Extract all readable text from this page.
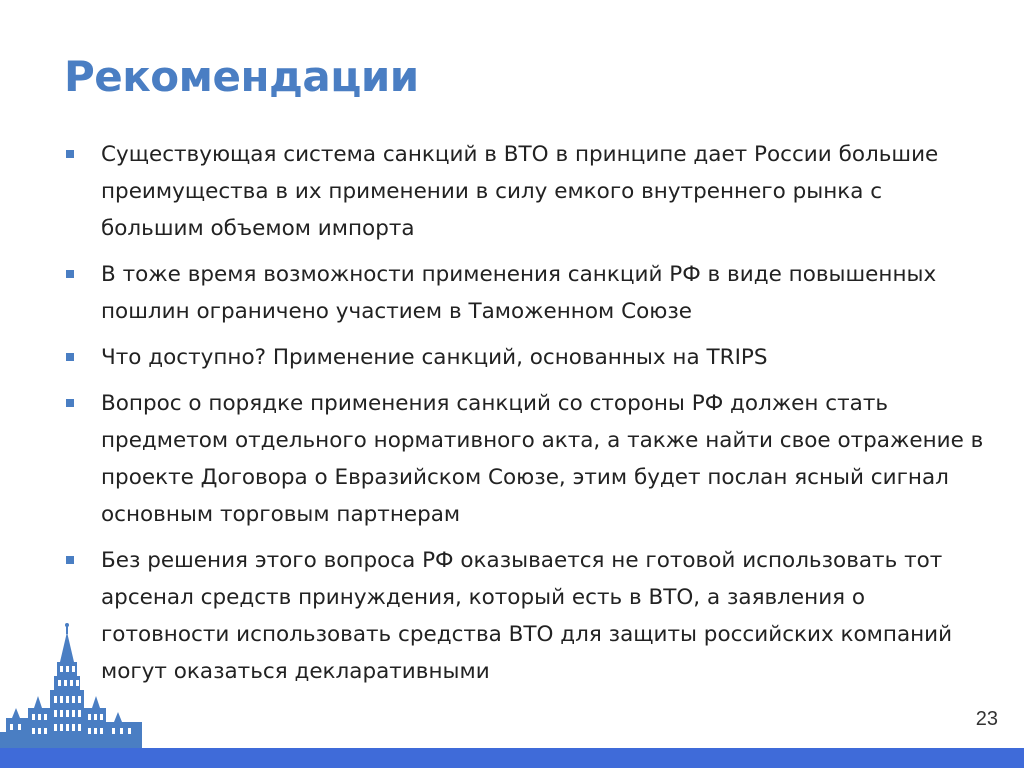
Рекомендации
Существующая система санкций в ВТО в принципе дает России большие преимущества в их применении в силу емкого внутреннего рынка с большим объемом импорта
В тоже время возможности применения санкций РФ в виде повышенных пошлин ограничено участием в Таможенном Союзе
Что доступно? Применение санкций, основанных на TRIPS
Вопрос о порядке применения санкций со стороны РФ должен стать предметом отдельного нормативного акта, а также найти свое отражение в проекте Договора о Евразийском Союзе, этим будет послан ясный сигнал основным торговым партнерам
Без решения этого вопроса РФ оказывается не готовой использовать тот арсенал средств принуждения, который есть в ВТО, а заявления о готовности использовать средства ВТО для защиты российских компаний могут оказаться декларативными
23
